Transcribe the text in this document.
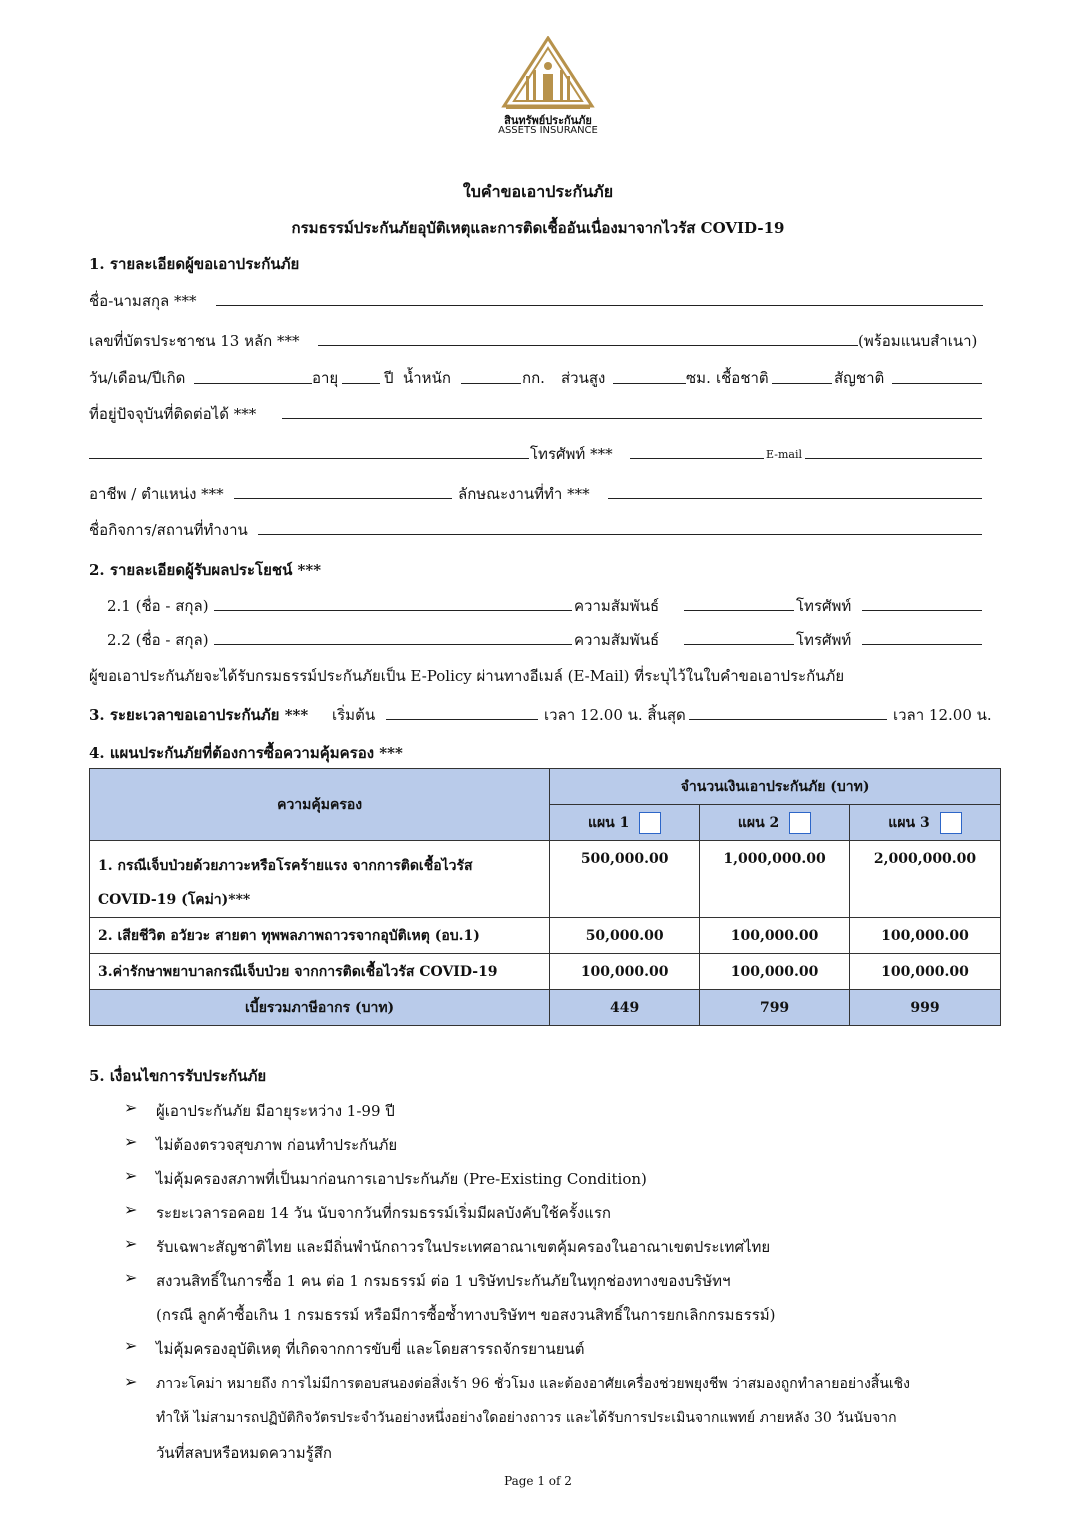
สินทรัพย์ประกันภัย
ASSETS INSURANCE
ใบคำขอเอาประกันภัย
กรมธรรม์ประกันภัยอุบัติเหตุและการติดเชื้ออันเนื่องมาจากไวรัส COVID-19
1. รายละเอียดผู้ขอเอาประกันภัย
ชื่อ-นามสกุล ***
เลขที่บัตรประชาชน 13 หลัก ***	(พร้อมแนบสำเนา)
วัน/เดือน/ปีเกิด	อายุ	ปี น้ำหนัก	กก. ส่วนสูง	ซม. เชื้อชาติ	สัญชาติ
ที่อยู่ปัจจุบันที่ติดต่อได้ ***
โทรศัพท์ ***	E-mail
อาชีพ / ตำแหน่ง ***	ลักษณะงานที่ทำ ***
ชื่อกิจการ/สถานที่ทำงาน
2. รายละเอียดผู้รับผลประโยชน์ ***
2.1 (ชื่อ - สกุล)	ความสัมพันธ์	โทรศัพท์
2.2 (ชื่อ - สกุล)	ความสัมพันธ์	โทรศัพท์
ผู้ขอเอาประกันภัยจะได้รับกรมธรรม์ประกันภัยเป็น E-Policy ผ่านทางอีเมล์ (E-Mail) ที่ระบุไว้ในใบคำขอเอาประกันภัย
3. ระยะเวลาขอเอาประกันภัย *** เริ่มต้น	เวลา 12.00 น. สิ้นสุด	เวลา 12.00 น.
4. แผนประกันภัยที่ต้องการซื้อความคุ้มครอง ***
ความคุ้มครอง	จำนวนเงินเอาประกันภัย (บาท)		
	แผน 1	แผน 2	แผน 3
1. กรณีเจ็บป่วยด้วยภาวะหรือโรคร้ายแรง จากการติดเชื้อไวรัส
COVID-19 (โคม่า)***	500,000.00	1,000,000.00	2,000,000.00
2. เสียชีวิต อวัยวะ สายตา ทุพพลภาพถาวรจากอุบัติเหตุ (อบ.1)	50,000.00	100,000.00	100,000.00
3.ค่ารักษาพยาบาลกรณีเจ็บป่วย จากการติดเชื้อไวรัส COVID-19	100,000.00	100,000.00	100,000.00
เบี้ยรวมภาษีอากร (บาท)	449	799	999
5. เงื่อนไขการรับประกันภัย
➢ ผู้เอาประกันภัย มีอายุระหว่าง 1-99 ปี
➢ ไม่ต้องตรวจสุขภาพ ก่อนทำประกันภัย
➢ ไม่คุ้มครองสภาพที่เป็นมาก่อนการเอาประกันภัย (Pre-Existing Condition)
➢ ระยะเวลารอคอย 14 วัน นับจากวันที่กรมธรรม์เริ่มมีผลบังคับใช้ครั้งแรก
➢ รับเฉพาะสัญชาติไทย และมีถิ่นพำนักถาวรในประเทศอาณาเขตคุ้มครองในอาณาเขตประเทศไทย
➢ สงวนสิทธิ์ในการซื้อ 1 คน ต่อ 1 กรมธรรม์ ต่อ 1 บริษัทประกันภัยในทุกช่องทางของบริษัทฯ
(กรณี ลูกค้าซื้อเกิน 1 กรมธรรม์ หรือมีการซื้อซ้ำทางบริษัทฯ ขอสงวนสิทธิ์ในการยกเลิกกรมธรรม์)
➢ ไม่คุ้มครองอุบัติเหตุ ที่เกิดจากการขับขี่ และโดยสารรถจักรยานยนต์
➢ ภาวะโคม่า หมายถึง การไม่มีการตอบสนองต่อสิ่งเร้า 96 ชั่วโมง และต้องอาศัยเครื่องช่วยพยุงชีพ ว่าสมองถูกทำลายอย่างสิ้นเชิง
ทำให้ ไม่สามารถปฏิบัติกิจวัตรประจำวันอย่างหนึ่งอย่างใดอย่างถาวร และได้รับการประเมินจากแพทย์ ภายหลัง 30 วันนับจาก
วันที่สลบหรือหมดความรู้สึก
Page 1 of 2
